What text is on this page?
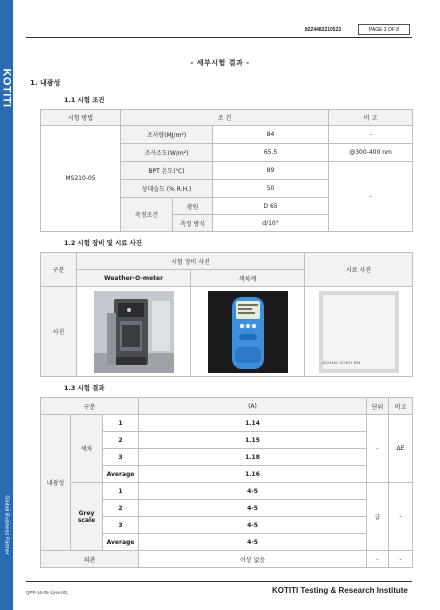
KOTITI
Global Business Partner
8224482210523	PAGE 3 OF 8
- 세부시험 결과 -
1. 내광성
1.1 시험 조건
시험 방법	조 건			비 고
MS210-05	조사량(MJ/m²)		84	-
	조사조도(W/m²)		65.5	@300-400 nm
	BPT 온도(℃)		89	-
	상대습도 (% R.H.)		50	
	측정조건	광원	D 65	
		측정 방식	d/10°	
1.2 시험 장비 및 시료 사진
구분	시험 장비 사진		시료 사진
	Weather-O-meter	색차계	
사진			8224482 107621 894
1.3 시험 결과
구분			(A)	단위	비고
내광성	색차	1	1.14	-	ΔE
		2	1.15		
		3	1.18		
		Average	1.16		
	Grey scale	1	4-5	급	-
		2	4-5		
		3	4-5		
		Average	4-5		
외관			이상 없음	-	-
QPP-16-05-1(rev.00)	KOTITI Testing & Research Institute
